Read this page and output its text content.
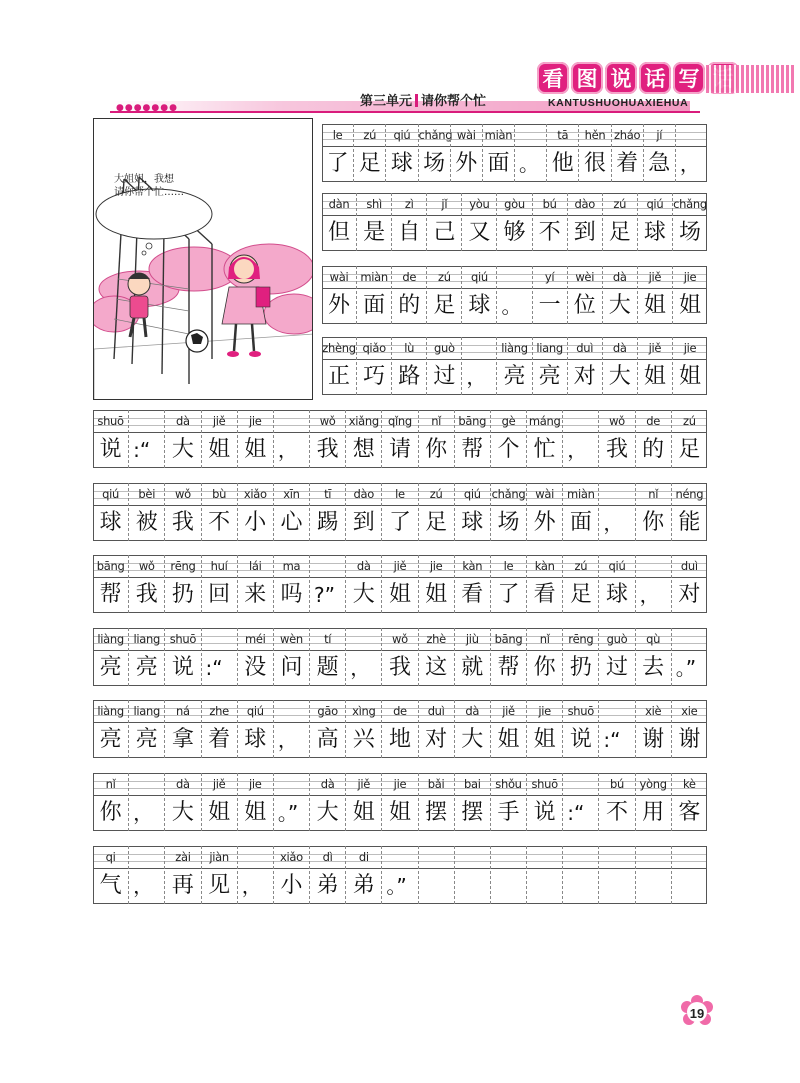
●●●●●●●	第三单元 请你帮个忙
看 图 说 话 写
KANTUSHUOHUAXIEHUA
大姐姐，我想
请你帮个忙……
le
了
zú
足
qiú
球
chǎng
场
wài
外
miàn
面 。
tā
他
hěn
很
zháo
着
jí
急 ，
dàn
但
shì
是
zì
自
jǐ
己
yòu
又
gòu
够
bú
不
dào
到
zú
足
qiú
球
chǎng
场
wài
外
miàn
面
de
的
zú
足
qiú
球 。
yí
一
wèi
位
dà
大
jiě
姐
jie
姐
zhèng
正
qiǎo
巧
lù
路
guò
过 ，
liàng
亮
liang
亮
duì
对
dà
大
jiě
姐
jie
姐
shuō
说 :“
dà
大
jiě
姐
jie
姐 ，
wǒ
我
xiǎng
想
qǐng
请
nǐ
你
bāng
帮
gè
个
máng
忙 ，
wǒ
我
de
的
zú
足
qiú
球
bèi
被
wǒ
我
bù
不
xiǎo
小
xīn
心
tī
踢
dào
到
le
了
zú
足
qiú
球
chǎng
场
wài
外
miàn
面 ，
nǐ
你
néng
能
bāng
帮
wǒ
我
rēng
扔
huí
回
lái
来
ma
吗 ?”
dà
大
jiě
姐
jie
姐
kàn
看
le
了
kàn
看
zú
足
qiú
球 ，
duì
对
liàng
亮
liang
亮
shuō
说 :“
méi
没
wèn
问
tí
题 ，
wǒ
我
zhè
这
jiù
就
bāng
帮
nǐ
你
rēng
扔
guò
过
qù
去 。”
liàng
亮
liang
亮
ná
拿
zhe
着
qiú
球 ，
gāo
高
xìng
兴
de
地
duì
对
dà
大
jiě
姐
jie
姐
shuō
说 :“
xiè
谢
xie
谢
nǐ
你 ，
dà
大
jiě
姐
jie
姐 。”
dà
大
jiě
姐
jie
姐
bǎi
摆
bai
摆
shǒu
手
shuō
说 :“
bú
不
yòng
用
kè
客
qi
气 ，
zài
再
jiàn
见 ，
xiǎo
小
dì
弟
di
弟 。”
19
